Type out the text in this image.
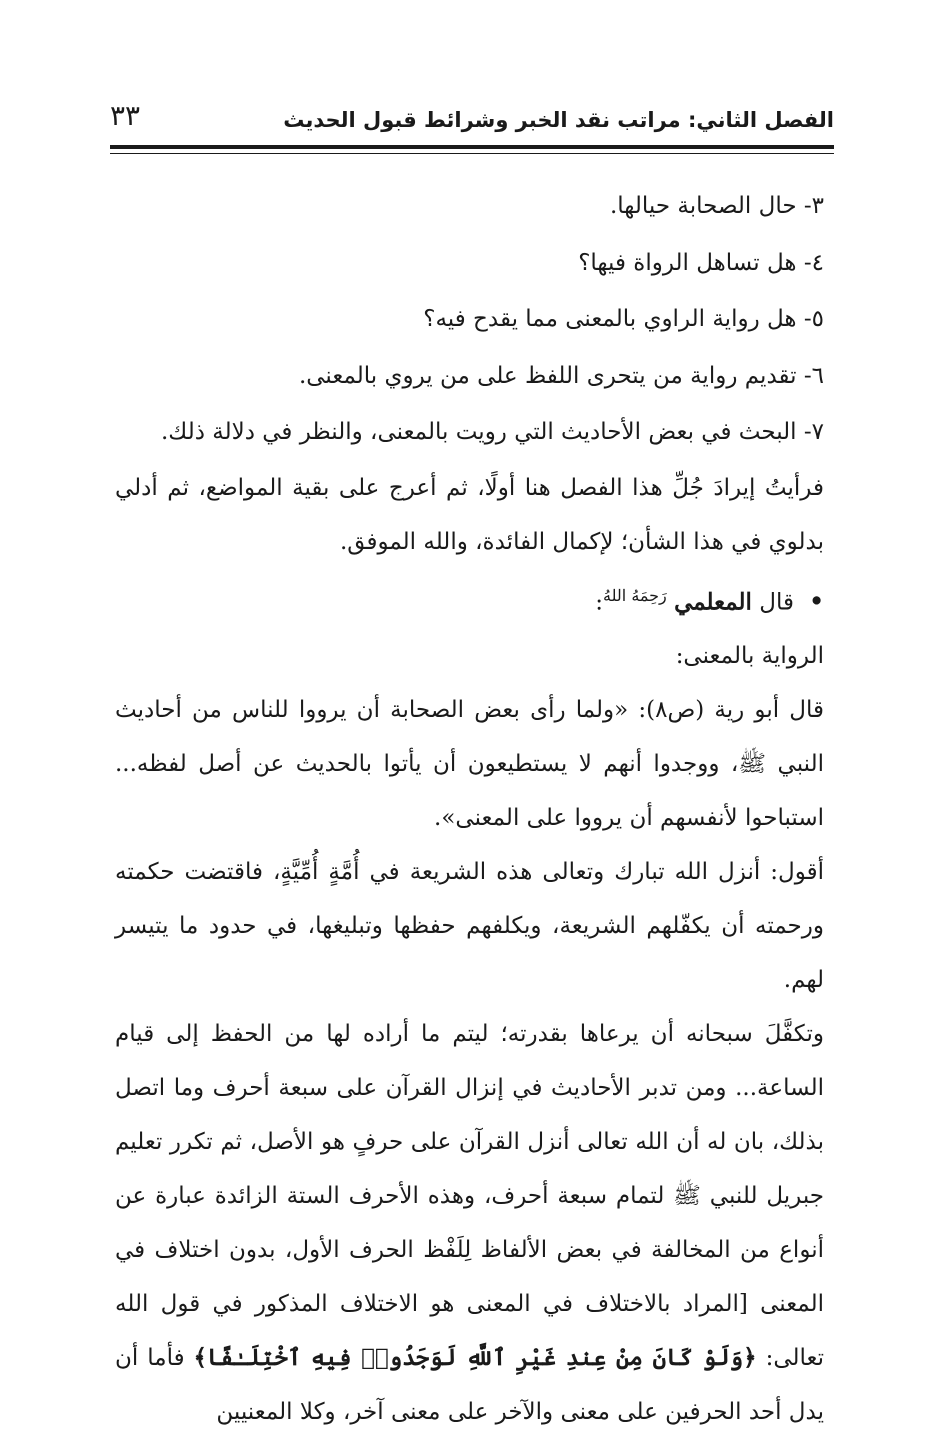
الفصل الثاني: مراتب نقد الخبر وشرائط قبول الحديث
٣٣

٣- حال الصحابة حيالها.

٤- هل تساهل الرواة فيها؟

٥- هل رواية الراوي بالمعنى مما يقدح فيه؟

٦- تقديم رواية من يتحرى اللفظ على من يروي بالمعنى.

٧- البحث في بعض الأحاديث التي رويت بالمعنى، والنظر في دلالة ذلك.

فرأيتُ إيرادَ جُلِّ هذا الفصل هنا أولًا، ثم أعرج على بقية المواضع، ثم أدلي بدلوي في هذا الشأن؛ لإكمال الفائدة، والله الموفق.

• قال المعلمي $^{رَحِمَهُ اللهُ}$:

الرواية بالمعنى:

قال أبو رية (ص٨): «ولما رأى بعض الصحابة أن يرووا للناس من أحاديث النبي ﷺ، ووجدوا أنهم لا يستطيعون أن يأتوا بالحديث عن أصل لفظه... استباحوا لأنفسهم أن يرووا على المعنى».

أقول: أنزل الله تبارك وتعالى هذه الشريعة في أُمَّةٍ أُمِّيَّةٍ، فاقتضت حكمته ورحمته أن يكفّلهم الشريعة، ويكلفهم حفظها وتبليغها، في حدود ما يتيسر لهم.

وتكفَّلَ سبحانه أن يرعاها بقدرته؛ ليتم ما أراده لها من الحفظ إلى قيام الساعة... ومن تدبر الأحاديث في إنزال القرآن على سبعة أحرف وما اتصل بذلك، بان له أن الله تعالى أنزل القرآن على حرفٍ هو الأصل، ثم تكرر تعليم جبريل للنبي ﷺ لتمام سبعة أحرف، وهذه الأحرف الستة الزائدة عبارة عن أنواع من المخالفة في بعض الألفاظ لِلَفْظ الحرف الأول، بدون اختلاف في المعنى [المراد بالاختلاف في المعنى هو الاختلاف المذكور في قول الله تعالى: ﴿وَلَوْ كَانَ مِنْ عِندِ غَيْرِ ٱللَّهِ لَوَجَدُوا۟ فِيهِ ٱخْتِلَـٰفًا﴾ فأما أن يدل أحد الحرفين على معنى والآخر على معنى آخر، وكلا المعنيين
